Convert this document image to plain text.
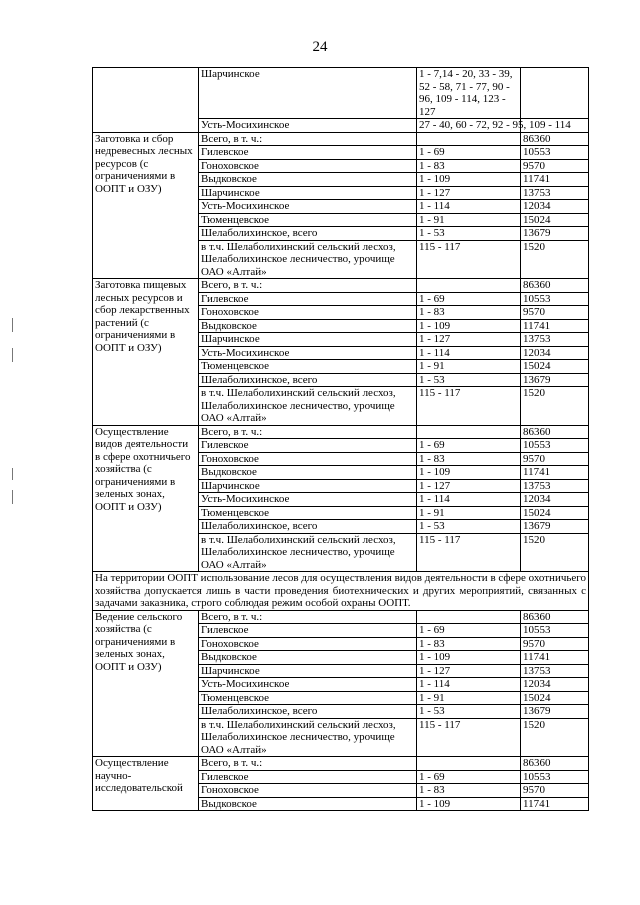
24
	Шарчинское	1 - 7,14 - 20, 33 - 39, 52 - 58, 71 - 77, 90 - 96, 109 - 114, 123 - 127	
	Усть-Мосихинское	27 - 40, 60 - 72, 92 - 95, 109 - 114	
Заготовка и сбор недревесных лесных ресурсов (с ограничениями в ООПТ и ОЗУ)	Всего, в т. ч.:		86360
	Гилевское	1 - 69	10553
	Гоноховское	1 - 83	9570
	Выдковское	1 - 109	11741
	Шарчинское	1 - 127	13753
	Усть-Мосихинское	1 - 114	12034
	Тюменцевское	1 - 91	15024
	Шелаболихинское, всего	1 - 53	13679
	в т.ч. Шелаболихинский сельский лесхоз, Шелаболихинское лесничество, урочище ОАО «Алтай»	115 - 117	1520
Заготовка пищевых лесных ресурсов и сбор лекарственных растений (с ограничениями в ООПТ и ОЗУ)	Всего, в т. ч.:		86360
	Гилевское	1 - 69	10553
	Гоноховское	1 - 83	9570
	Выдковское	1 - 109	11741
	Шарчинское	1 - 127	13753
	Усть-Мосихинское	1 - 114	12034
	Тюменцевское	1 - 91	15024
	Шелаболихинское, всего	1 - 53	13679
	в т.ч. Шелаболихинский сельский лесхоз, Шелаболихинское лесничество, урочище ОАО «Алтай»	115 - 117	1520
Осуществление видов деятельности в сфере охотничьего хозяйства (с ограничениями в зеленых зонах, ООПТ и ОЗУ)	Всего, в т. ч.:		86360
	Гилевское	1 - 69	10553
	Гоноховское	1 - 83	9570
	Выдковское	1 - 109	11741
	Шарчинское	1 - 127	13753
	Усть-Мосихинское	1 - 114	12034
	Тюменцевское	1 - 91	15024
	Шелаболихинское, всего	1 - 53	13679
	в т.ч. Шелаболихинский сельский лесхоз, Шелаболихинское лесничество, урочище ОАО «Алтай»	115 - 117	1520
На территории ООПТ использование лесов для осуществления видов деятельности в сфере охотничьего хозяйства допускается лишь в части проведения биотехнических и других мероприятий, связанных с задачами заказника, строго соблюдая режим особой охраны ООПТ.			
Ведение сельского хозяйства (с ограничениями в зеленых зонах, ООПТ и ОЗУ)	Всего, в т. ч.:		86360
	Гилевское	1 - 69	10553
	Гоноховское	1 - 83	9570
	Выдковское	1 - 109	11741
	Шарчинское	1 - 127	13753
	Усть-Мосихинское	1 - 114	12034
	Тюменцевское	1 - 91	15024
	Шелаболихинское, всего	1 - 53	13679
	в т.ч. Шелаболихинский сельский лесхоз, Шелаболихинское лесничество, урочище ОАО «Алтай»	115 - 117	1520
Осуществление научно-исследовательской	Всего, в т. ч.:		86360
	Гилевское	1 - 69	10553
	Гоноховское	1 - 83	9570
	Выдковское	1 - 109	11741
